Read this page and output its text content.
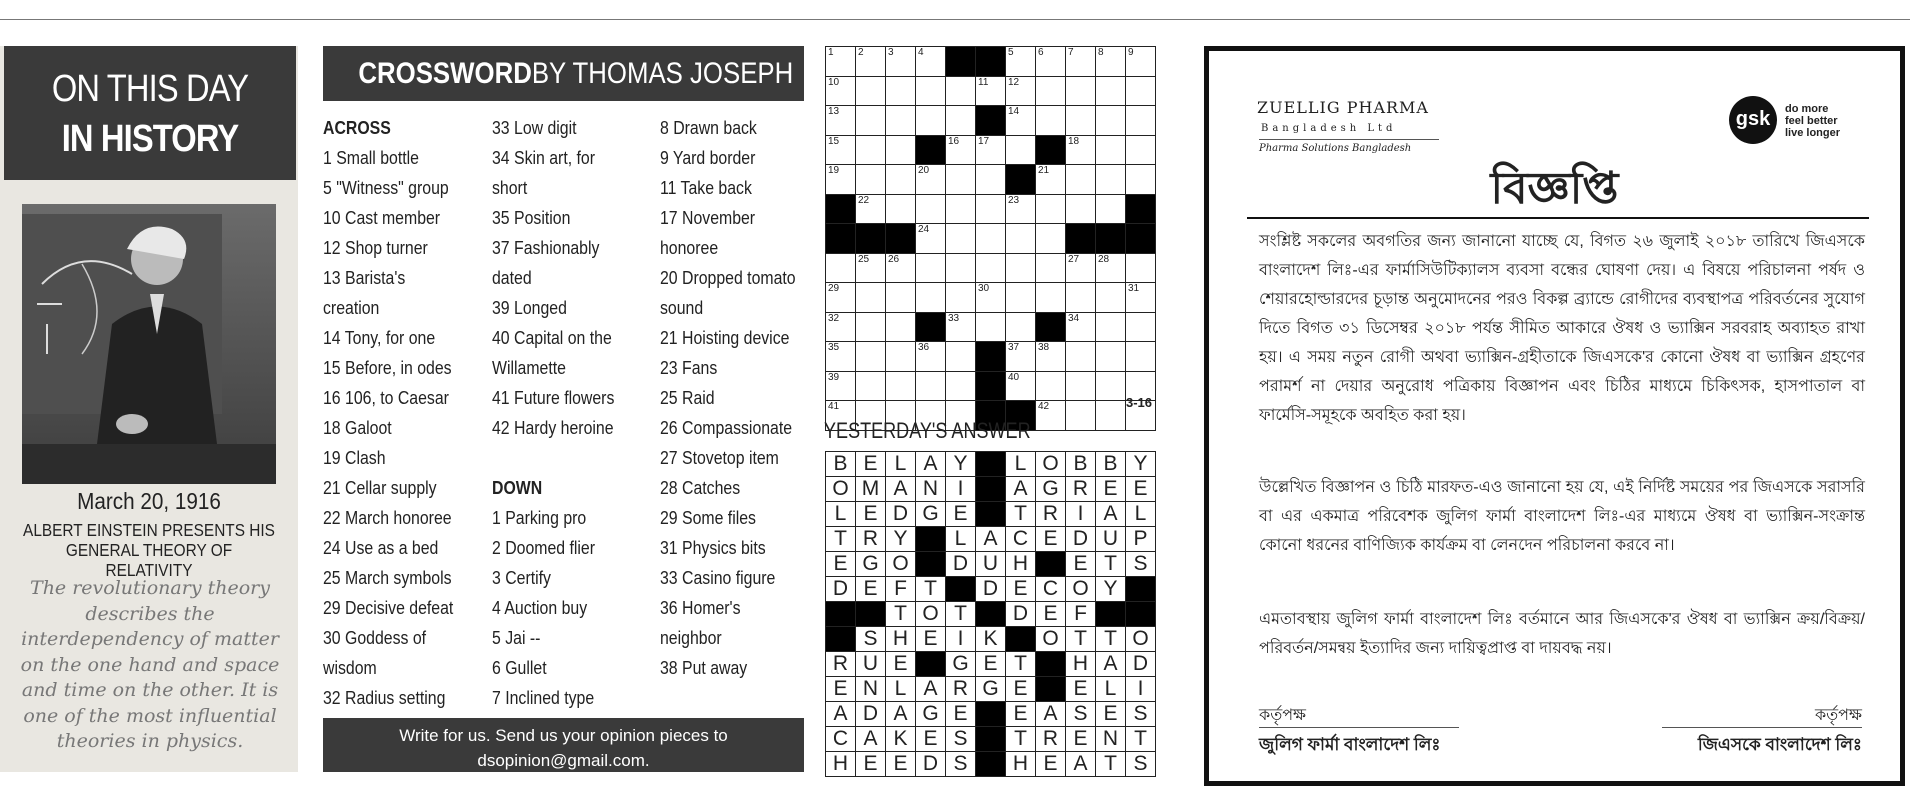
ON THIS DAY
IN HISTORY
March 20, 1916
ALBERT EINSTEIN PRESENTS HIS
GENERAL THEORY OF RELATIVITY
The revolutionary theory describes the interdependency of matter on the one hand and space and time on the other. It is one of the most influential theories in physics.
CROSSWORDBY THOMAS JOSEPH
ACROSS
1 Small bottle
5 "Witness" group
10 Cast member
12 Shop turner
13 Barista's
creation
14 Tony, for one
15 Before, in odes
16 106, to Caesar
18 Galoot
19 Clash
21 Cellar supply
22 March honoree
24 Use as a bed
25 March symbols
29 Decisive defeat
30 Goddess of
wisdom
32 Radius setting
33 Low digit
34 Skin art, for
short
35 Position
37 Fashionably
dated
39 Longed
40 Capital on the
Willamette
41 Future flowers
42 Hardy heroine
DOWN
1 Parking pro
2 Doomed flier
3 Certify
4 Auction buy
5 Jai --
6 Gullet
7 Inclined type
8 Drawn back
9 Yard border
11 Take back
17 November
honoree
20 Dropped tomato
sound
21 Hoisting device
23 Fans
25 Raid
26 Compassionate
27 Stovetop item
28 Catches
29 Some files
31 Physics bits
33 Casino figure
36 Homer's
neighbor
38 Put away
Write for us. Send us your opinion pieces to
dsopinion@gmail.com.
1	2	3	4			5	6	7	8	9

10					11	12				

13						14				

15				16	17			18		

19			20				21			

	22					23				

			24							

	25	26						27	28	

29					30					31

32				33				34		

35			36			37	38			

39						40				

41							42			
				3-16
YESTERDAY'S ANSWER
B	E	L	A	Y		L	O	B	B	Y
O	M	A	N	I		A	G	R	E	E
L	E	D	G	E		T	R	I	A	L
T	R	Y		L	A	C	E	D	U	P
E	G	O		D	U	H		E	T	S
D	E	F	T		D	E	C	O	Y	
		T	O	T		D	E	F		
	S	H	E	I	K		O	T	T	O
R	U	E		G	E	T		H	A	D
E	N	L	A	R	G	E		E	L	I
A	D	A	G	E		E	A	S	E	S
C	A	K	E	S		T	R	E	N	T
H	E	E	D	S		H	E	A	T	S
ZUELLIG PHARMA
Bangladesh Ltd
Pharma Solutions Bangladesh
gsk	do more
feel better
live longer
বিজ্ঞপ্তি
সংশ্লিষ্ট সকলের অবগতির জন্য জানানো যাচ্ছে যে, বিগত ২৬ জুলাই ২০১৮ তারিখে জিএসকে বাংলাদেশ লিঃ-এর ফার্মাসিউটিক্যালস ব্যবসা বন্ধের ঘোষণা দেয়। এ বিষয়ে পরিচালনা পর্ষদ ও শেয়ারহোল্ডারদের চূড়ান্ত অনুমোদনের পরও বিকল্প ব্র্যান্ডে রোগীদের ব্যবস্থাপত্র পরিবর্তনের সুযোগ দিতে বিগত ৩১ ডিসেম্বর ২০১৮ পর্যন্ত সীমিত আকারে ঔষধ ও ভ্যাক্সিন সরবরাহ অব্যাহত রাখা হয়। এ সময় নতুন রোগী অথবা ভ্যাক্সিন-গ্রহীতাকে জিএসকে'র কোনো ঔষধ বা ভ্যাক্সিন গ্রহণের পরামর্শ না দেয়ার অনুরোধ পত্রিকায় বিজ্ঞাপন এবং চিঠির মাধ্যমে চিকিৎসক, হাসপাতাল বা ফার্মেসি-সমূহকে অবহিত করা হয়।
উল্লেখিত বিজ্ঞাপন ও চিঠি মারফত-এও জানানো হয় যে, এই নির্দিষ্ট সময়ের পর জিএসকে সরাসরি বা এর একমাত্র পরিবেশক জুলিগ ফার্মা বাংলাদেশ লিঃ-এর মাধ্যমে ঔষধ বা ভ্যাক্সিন-সংক্রান্ত কোনো ধরনের বাণিজ্যিক কার্যক্রম বা লেনদেন পরিচালনা করবে না।
এমতাবস্থায় জুলিগ ফার্মা বাংলাদেশ লিঃ বর্তমানে আর জিএসকে'র ঔষধ বা ভ্যাক্সিন ক্রয়/বিক্রয়/পরিবর্তন/সমন্বয় ইত্যাদির জন্য দায়িত্বপ্রাপ্ত বা দায়বদ্ধ নয়।
কর্তৃপক্ষ	কর্তৃপক্ষ
জুলিগ ফার্মা বাংলাদেশ লিঃ	জিএসকে বাংলাদেশ লিঃ
